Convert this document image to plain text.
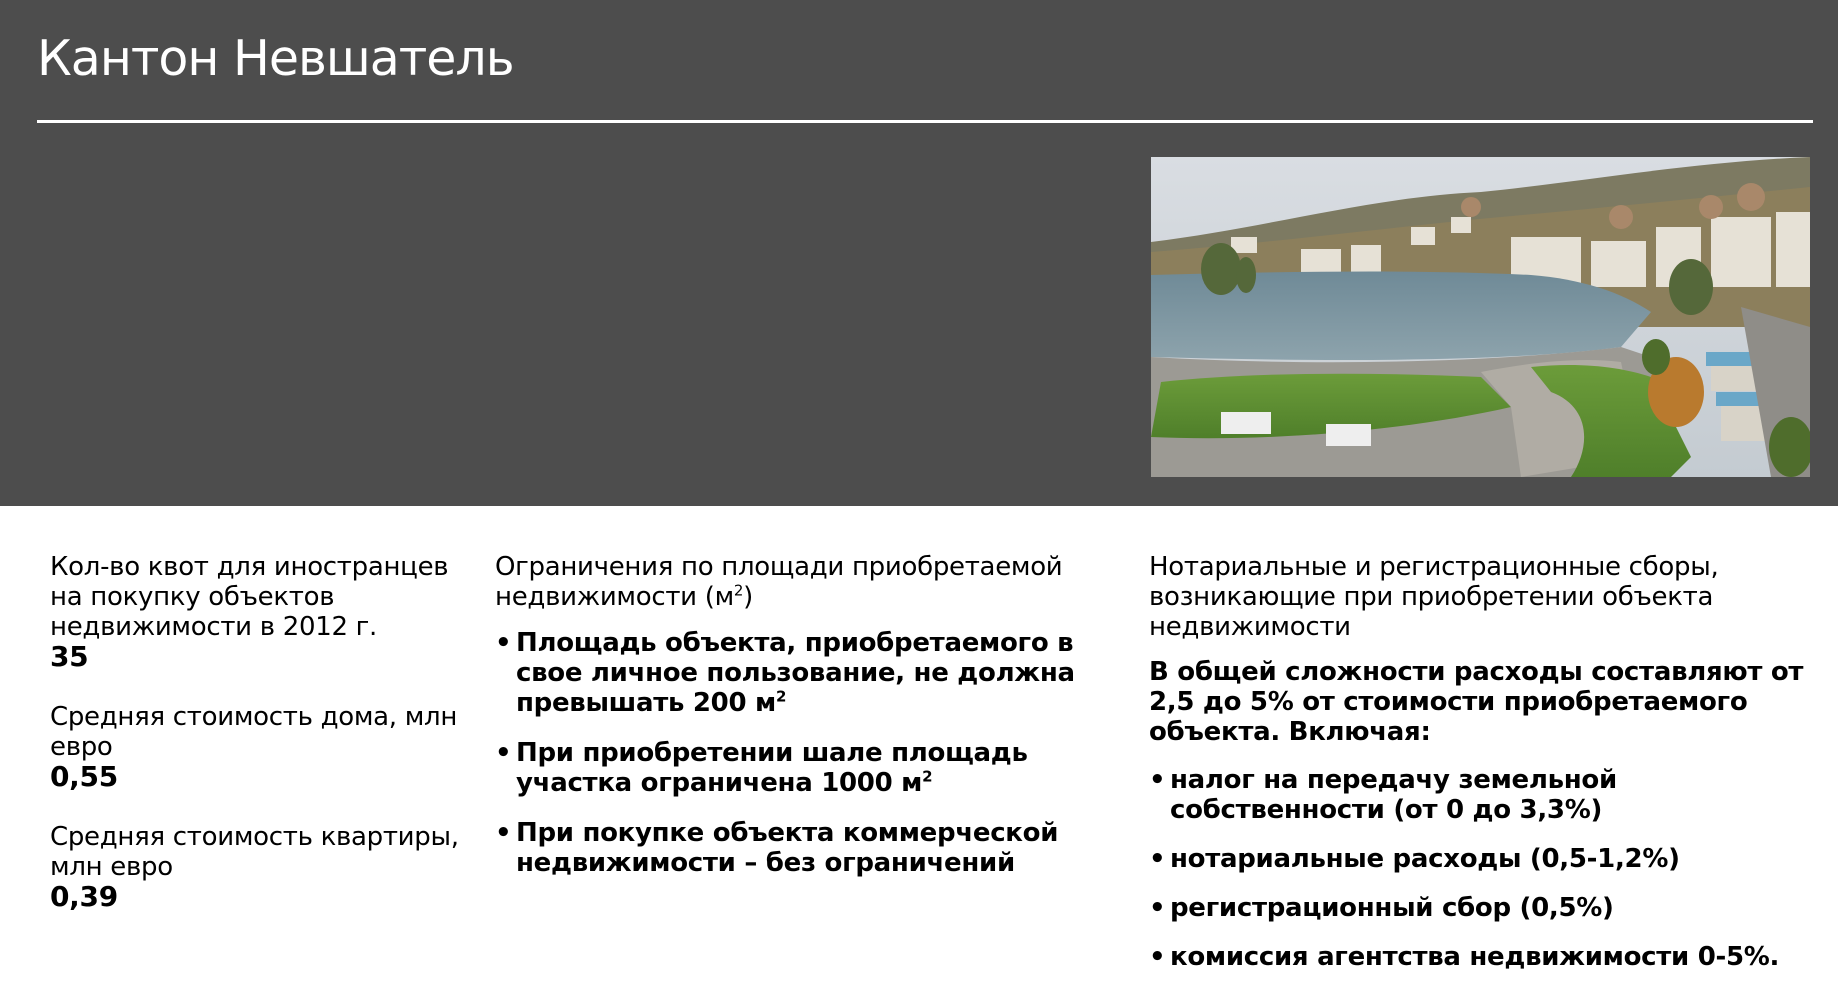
Кантон Невшатель
Кол-во квот для иностранцев на покупку объектов недвижимости в 2012 г.
35
Средняя стоимость дома, млн евро
0,55
Средняя стоимость квартиры, млн евро
0,39
Ограничения по площади приобретаемой недвижимости $(м^2)$
• Площадь объекта, приобретаемого в свое личное пользование, не должна превышать 200 $м^2$
• При приобретении шале площадь участка ограничена 1000 $м^2$
• При покупке объекта коммерческой недвижимости – без ограничений
Нотариальные и регистрационные сборы, возникающие при приобретении объекта недвижимости
В общей сложности расходы составляют от 2,5 до 5% от стоимости приобретаемого объекта. Включая:
• налог на передачу земельной собственности (от 0 до 3,3%)
• нотариальные расходы (0,5-1,2%)
• регистрационный сбор (0,5%)
• комиссия агентства недвижимости 0-5%.
